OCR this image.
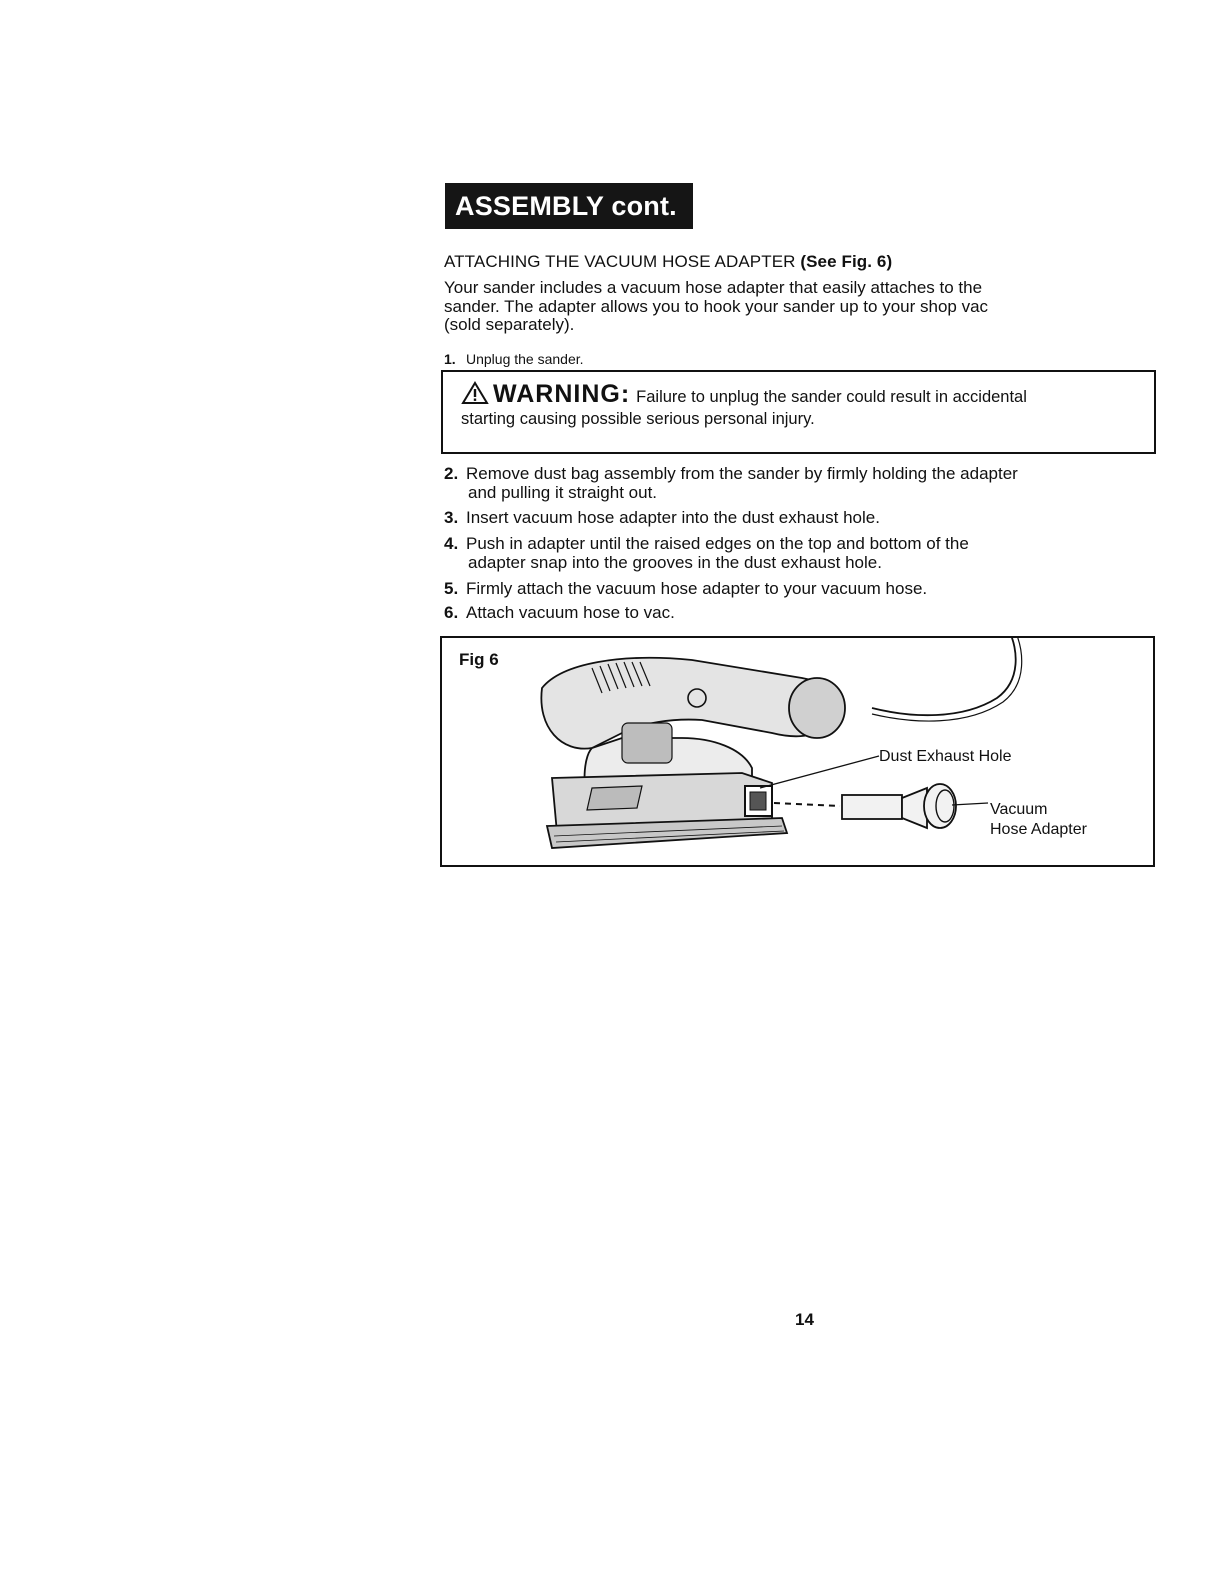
ASSEMBLY cont.
ATTACHING THE VACUUM HOSE ADAPTER (See Fig. 6)
Your sander includes a vacuum hose adapter that easily attaches to the
sander. The adapter allows you to hook your sander up to your shop vac
(sold separately).
1. Unplug the sander.
WARNING: Failure to unplug the sander could result in accidental
starting causing possible serious personal injury.
2. Remove dust bag assembly from the sander by firmly holding the adapter
and pulling it straight out.
3. Insert vacuum hose adapter into the dust exhaust hole.
4. Push in adapter until the raised edges on the top and bottom of the
adapter snap into the grooves in the dust exhaust hole.
5. Firmly attach the vacuum hose adapter to your vacuum hose.
6. Attach vacuum hose to vac.
Fig 6
Dust Exhaust Hole
Vacuum
Hose Adapter
14
